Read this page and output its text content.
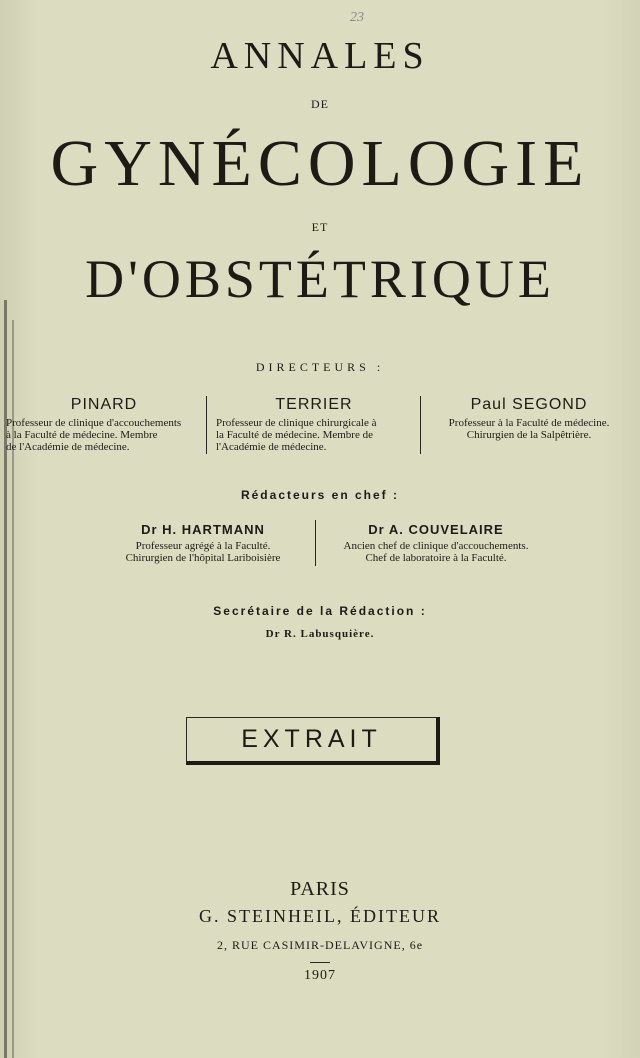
23
ANNALES
DE
GYNÉCOLOGIE
ET
D'OBSTÉTRIQUE
DIRECTEURS :
PINARD
Professeur de clinique d'accouchements
à la Faculté de médecine. Membre
de l'Académie de médecine.
TERRIER
Professeur de clinique chirurgicale à
la Faculté de médecine. Membre de
l'Académie de médecine.
Paul SEGOND
Professeur à la Faculté de médecine.
Chirurgien de la Salpêtrière.
Rédacteurs en chef :
Dr H. HARTMANN
Professeur agrégé à la Faculté.
Chirurgien de l'hôpital Lariboisière
Dr A. COUVELAIRE
Ancien chef de clinique d'accouchements.
Chef de laboratoire à la Faculté.
Secrétaire de la Rédaction :
Dr R. Labusquière.
EXTRAIT
PARIS
G. STEINHEIL, ÉDITEUR
2, RUE CASIMIR-DELAVIGNE, 6e
1907
